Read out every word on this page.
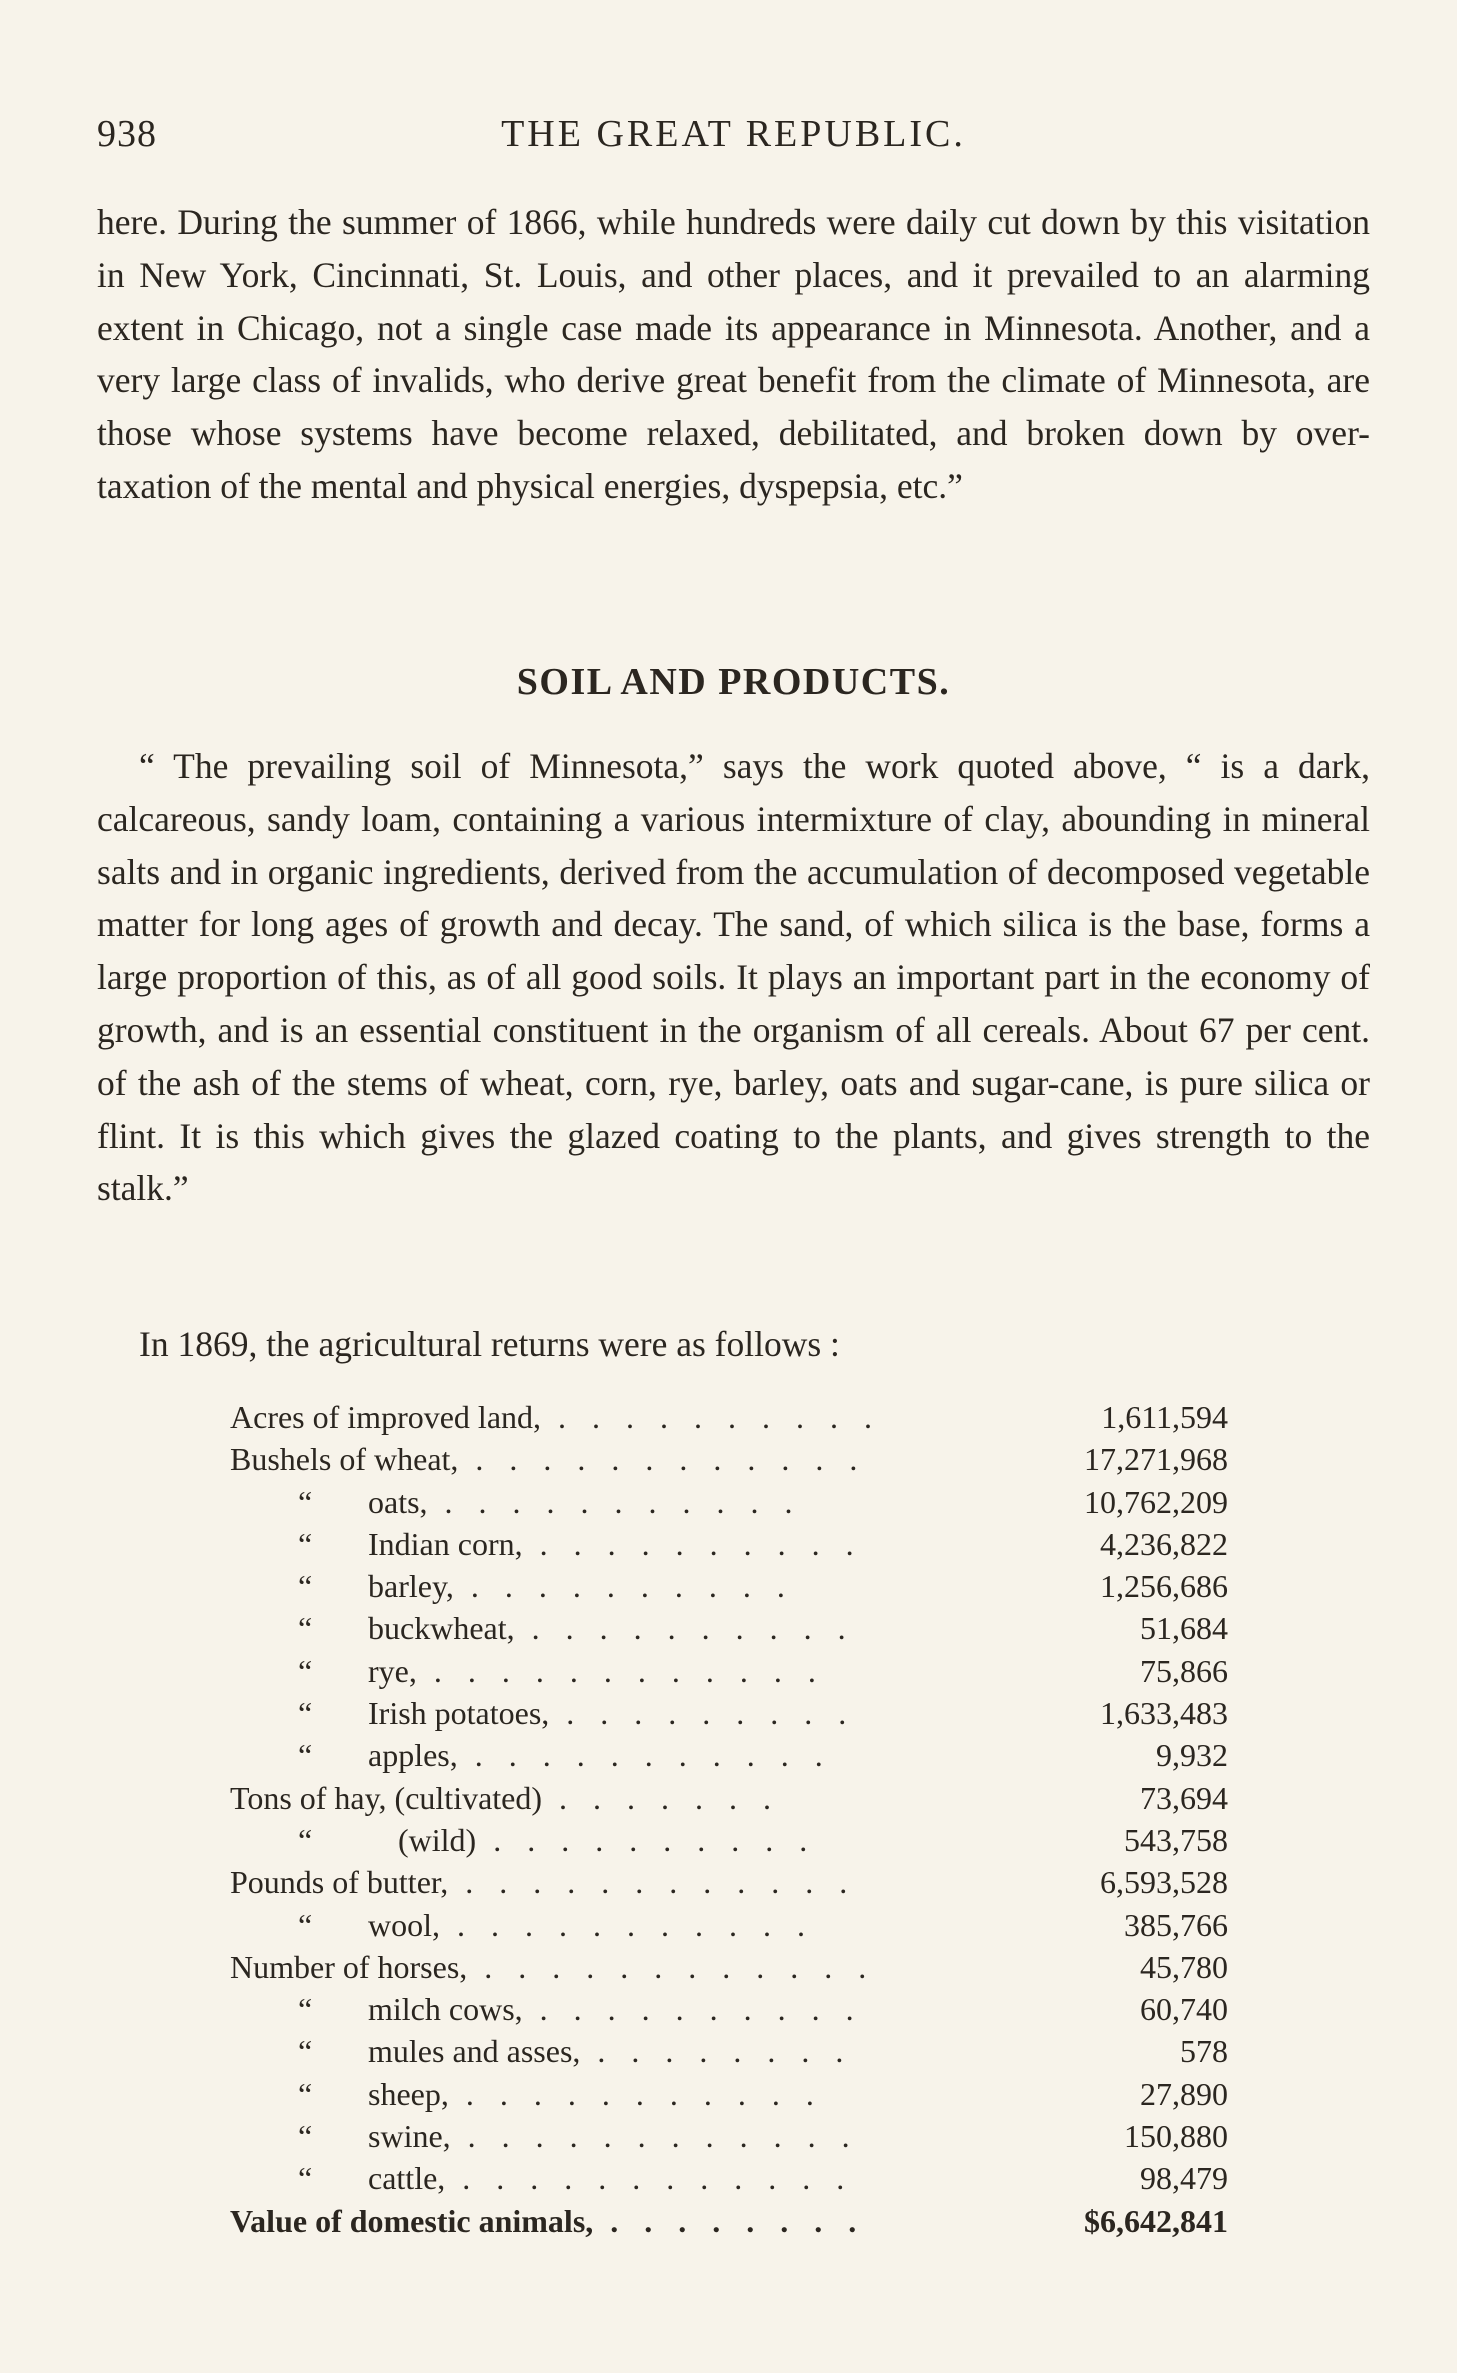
938	THE GREAT REPUBLIC.

here. During the summer of 1866, while hundreds were daily cut down by this visitation in New York, Cincinnati, St. Louis, and other places, and it prevailed to an alarming extent in Chicago, not a single case made its appearance in Minnesota. Another, and a very large class of invalids, who derive great benefit from the climate of Minnesota, are those whose systems have become relaxed, debilitated, and broken down by over-taxation of the mental and physical energies, dyspepsia, etc.”

SOIL AND PRODUCTS.

“ The prevailing soil of Minnesota,” says the work quoted above, “ is a dark, calcareous, sandy loam, containing a various intermixture of clay, abounding in mineral salts and in organic ingredients, derived from the accumulation of decomposed vegetable matter for long ages of growth and decay. The sand, of which silica is the base, forms a large proportion of this, as of all good soils. It plays an important part in the economy of growth, and is an essential constituent in the organism of all cereals. About 67 per cent. of the ash of the stems of wheat, corn, rye, barley, oats and sugar-cane, is pure silica or flint. It is this which gives the glazed coating to the plants, and gives strength to the stalk.”

In 1869, the agricultural returns were as follows :

Acres of improved land, . . . . . . . . . .	1,611,594
Bushels of wheat, . . . . . . . . . . . .	17,271,968
“ oats, . . . . . . . . . . .	10,762,209
“ Indian corn, . . . . . . . . . .	4,236,822
“ barley, . . . . . . . . . .	1,256,686
“ buckwheat, . . . . . . . . . .	51,684
“ rye, . . . . . . . . . . . .	75,866
“ Irish potatoes, . . . . . . . . .	1,633,483
“ apples, . . . . . . . . . . .	9,932
Tons of hay, (cultivated) . . . . . . .	73,694
“ (wild) . . . . . . . . . .	543,758
Pounds of butter, . . . . . . . . . . . .	6,593,528
“ wool, . . . . . . . . . . .	385,766
Number of horses, . . . . . . . . . . . .	45,780
“ milch cows, . . . . . . . . . .	60,740
“ mules and asses, . . . . . . . .	578
“ sheep, . . . . . . . . . . .	27,890
“ swine, . . . . . . . . . . . .	150,880
“ cattle, . . . . . . . . . . . .	98,479
Value of domestic animals, . . . . . . . .	$6,642,841
